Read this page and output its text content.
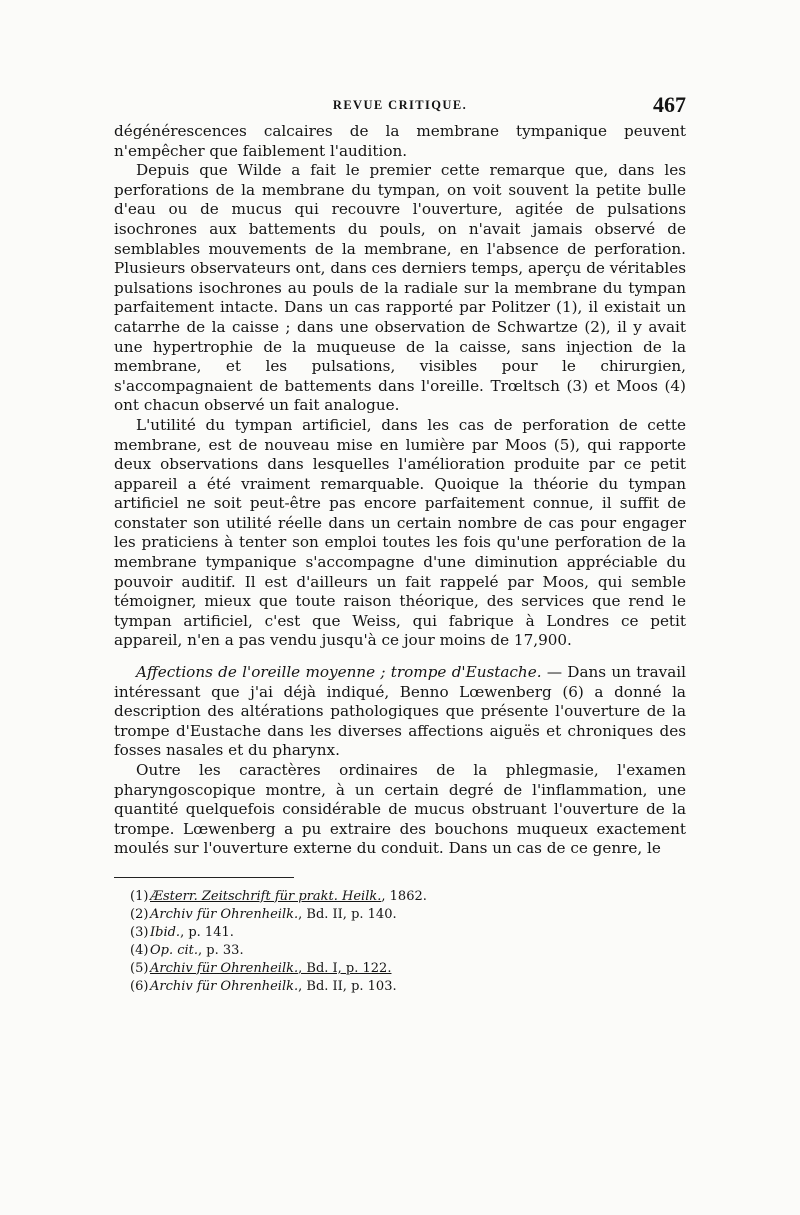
REVUE CRITIQUE.	467

dégénérescences calcaires de la membrane tympanique peuvent n'empêcher que faiblement l'audition.

Depuis que Wilde a fait le premier cette remarque que, dans les perforations de la membrane du tympan, on voit souvent la petite bulle d'eau ou de mucus qui recouvre l'ouverture, agitée de pulsations isochrones aux battements du pouls, on n'avait jamais observé de semblables mouvements de la membrane, en l'absence de perforation. Plusieurs observateurs ont, dans ces derniers temps, aperçu de véritables pulsations isochrones au pouls de la radiale sur la membrane du tympan parfaitement intacte. Dans un cas rapporté par Politzer (1), il existait un catarrhe de la caisse ; dans une observation de Schwartze (2), il y avait une hypertrophie de la muqueuse de la caisse, sans injection de la membrane, et les pulsations, visibles pour le chirurgien, s'accompagnaient de battements dans l'oreille. Trœltsch (3) et Moos (4) ont chacun observé un fait analogue.

L'utilité du tympan artificiel, dans les cas de perforation de cette membrane, est de nouveau mise en lumière par Moos (5), qui rapporte deux observations dans lesquelles l'amélioration produite par ce petit appareil a été vraiment remarquable. Quoique la théorie du tympan artificiel ne soit peut-être pas encore parfaitement connue, il suffit de constater son utilité réelle dans un certain nombre de cas pour engager les praticiens à tenter son emploi toutes les fois qu'une perforation de la membrane tympanique s'accompagne d'une diminution appréciable du pouvoir auditif. Il est d'ailleurs un fait rappelé par Moos, qui semble témoigner, mieux que toute raison théorique, des services que rend le tympan artificiel, c'est que Weiss, qui fabrique à Londres ce petit appareil, n'en a pas vendu jusqu'à ce jour moins de 17,900.

Affections de l'oreille moyenne ; trompe d'Eustache. — Dans un travail intéressant que j'ai déjà indiqué, Benno Lœwenberg (6) a donné la description des altérations pathologiques que présente l'ouverture de la trompe d'Eustache dans les diverses affections aiguës et chroniques des fosses nasales et du pharynx.

Outre les caractères ordinaires de la phlegmasie, l'examen pharyngoscopique montre, à un certain degré de l'inflammation, une quantité quelquefois considérable de mucus obstruant l'ouverture de la trompe. Lœwenberg a pu extraire des bouchons muqueux exactement moulés sur l'ouverture externe du conduit. Dans un cas de ce genre, le

(1) Æsterr. Zeitschrift für prakt. Heilk., 1862.
(2) Archiv für Ohrenheilk., Bd. II, p. 140.
(3) Ibid., p. 141.
(4) Op. cit., p. 33.
(5) Archiv für Ohrenheilk., Bd. I, p. 122.
(6) Archiv für Ohrenheilk., Bd. II, p. 103.
